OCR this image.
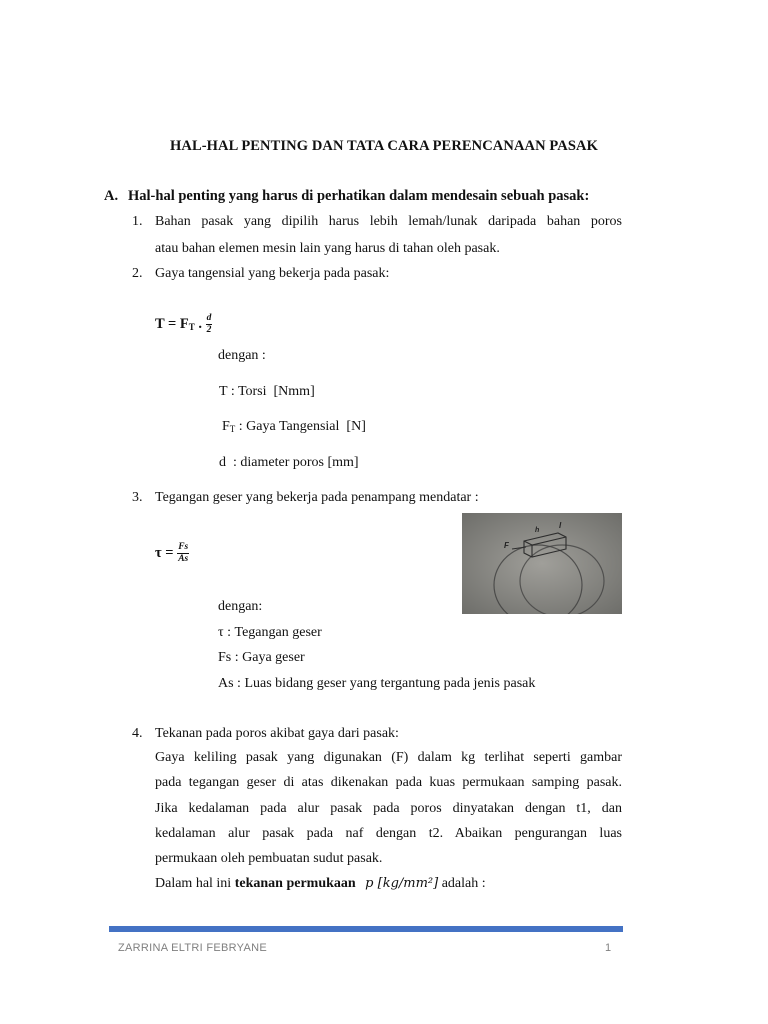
HAL-HAL PENTING DAN TATA CARA PERENCANAAN PASAK
A. Hal-hal penting yang harus di perhatikan dalam mendesain sebuah pasak:
1. Bahan pasak yang dipilih harus lebih lemah/lunak daripada bahan poros
atau bahan elemen mesin lain yang harus di tahan oleh pasak.
2. Gaya tangensial yang bekerja pada pasak:
$T = F_T$ . $\frac{d}{2}$
dengan :
T : Torsi  [Nmm]
$F_T$ : Gaya Tangensial  [N]
d  : diameter poros [mm]
3. Tegangan geser yang bekerja pada penampang mendatar :
$\tau = \frac{Fs}{As}$	F
h
l
dengan:
τ : Tegangan geser
Fs : Gaya geser
As : Luas bidang geser yang tergantung pada jenis pasak
4. Tekanan pada poros akibat gaya dari pasak:
Gaya keliling pasak yang digunakan (F) dalam kg terlihat seperti gambar
pada tegangan geser di atas dikenakan pada kuas permukaan samping pasak.
Jika kedalaman pada alur pasak pada poros dinyatakan dengan t1, dan
kedalaman alur pasak pada naf dengan t2. Abaikan pengurangan luas
permukaan oleh pembuatan sudut pasak.
Dalam hal ini tekanan permukaan p [kg/mm²] adalah :
ZARRINA ELTRI FEBRYANE	1
